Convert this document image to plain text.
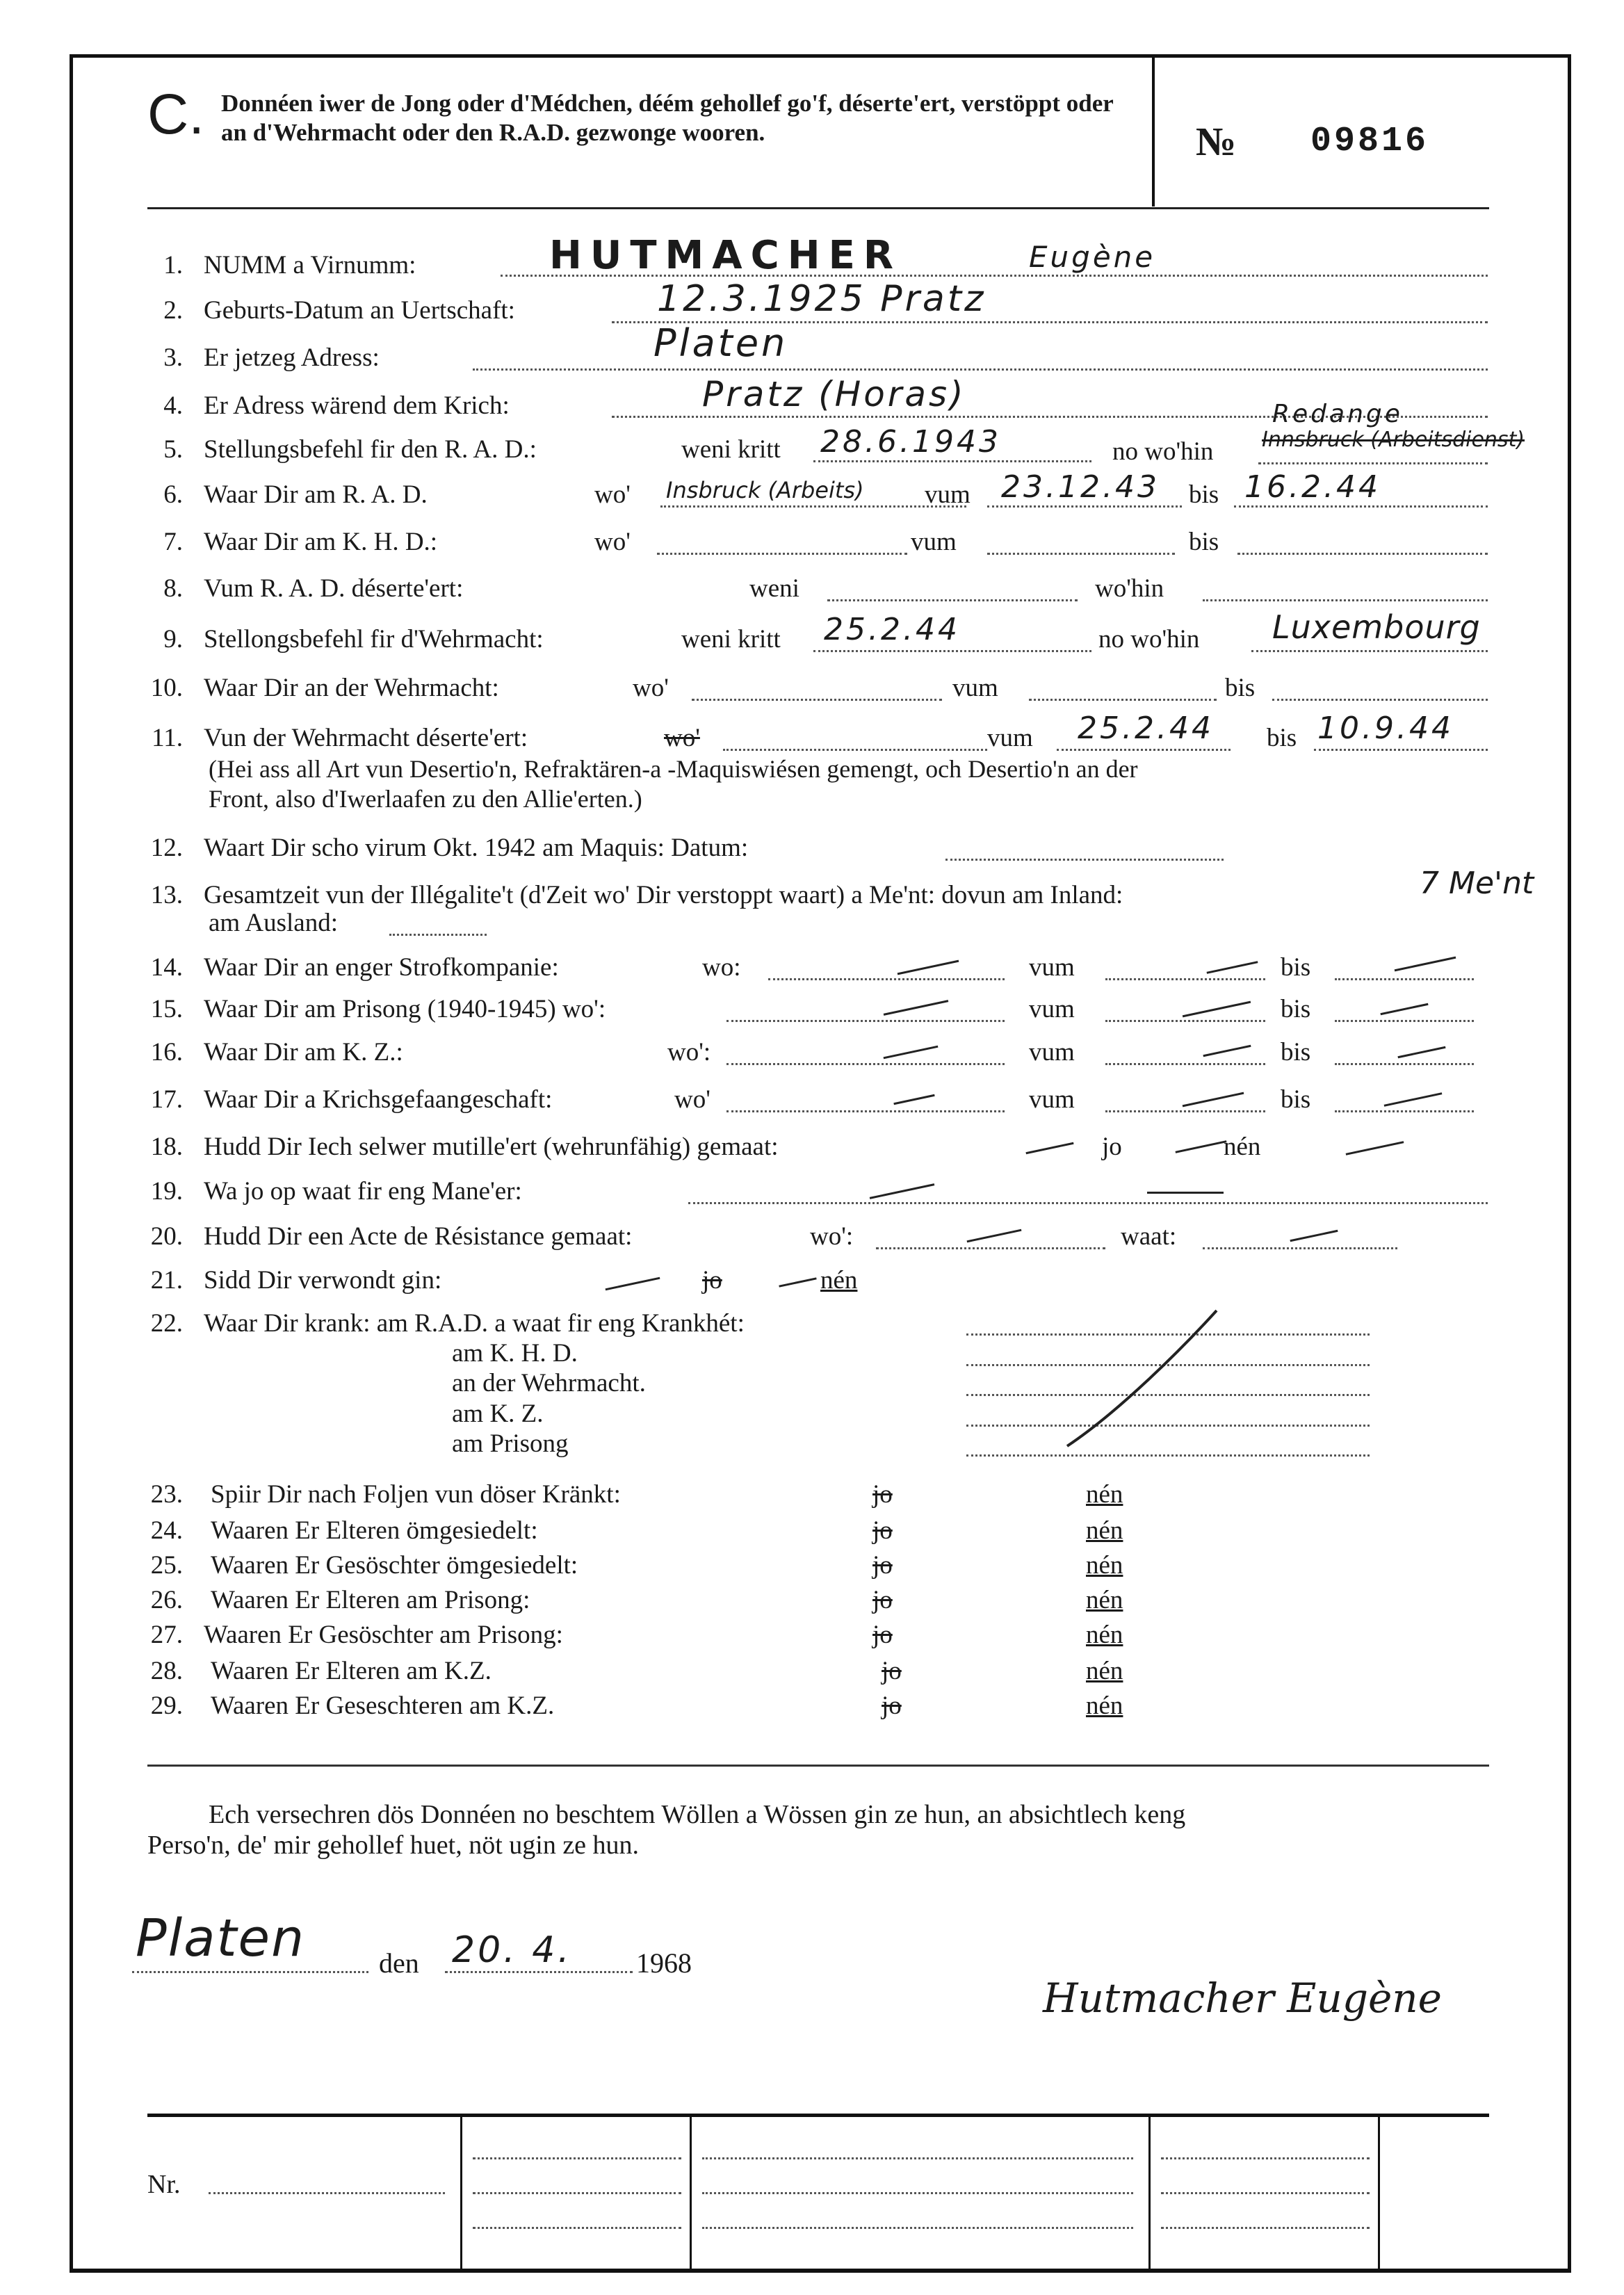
C. Donnéen iwer de Jong oder d'Médchen, déém gehollef go'f, déserte'ert, verstöppt oder an d'Wehrmacht oder den R.A.D. gezwonge wooren.	№ 09816
1. NUMM a Virnumm:	HUTMACHER	Eugène
2. Geburts-Datum an Uertschaft:	12.3.1925 Pratz
3. Er jetzeg Adress:	Platen
4. Er Adress wärend dem Krich:	Pratz (Horas)	Redange
5. Stellungsbefehl fir den R. A. D.:	weni kritt 28.6.1943	no wo'hin Innsbruck (Arbeitsdienst)
6. Waar Dir am R. A. D.	wo' Insbruck (Arbeits) vum 23.12.43 bis 16.2.44
7. Waar Dir am K. H. D.:	wo'	vum	bis
8. Vum R. A. D. déserte'ert:	weni	wo'hin
9. Stellongsbefehl fir d'Wehrmacht:	weni kritt 25.2.44	no wo'hin Luxembourg
10. Waar Dir an der Wehrmacht:	wo'	vum	bis
11. Vun der Wehrmacht déserte'ert:	wo'	vum 25.2.44 bis 10.9.44
(Hei ass all Art vun Desertio'n, Refraktären-a -Maquiswiésen gemengt, och Desertio'n an der
Front, also d'Iwerlaafen zu den Allie'erten.)
12. Waart Dir scho virum Okt. 1942 am Maquis: Datum:
13. Gesamtzeit vun der Illégalite't (d'Zeit wo' Dir verstoppt waart) a Me'nt: dovun am Inland:	7 Me'nt
am Ausland:
14. Waar Dir an enger Strofkompanie:	wo:	vum	bis
15. Waar Dir am Prisong (1940-1945) wo':	vum	bis
16. Waar Dir am K. Z.:	wo':	vum	bis
17. Waar Dir a Krichsgefaangeschaft:	wo'	vum	bis
18. Hudd Dir Iech selwer mutille'ert (wehrunfähig) gemaat:	jo	nén
19. Wa jo op waat fir eng Mane'er:
20. Hudd Dir een Acte de Résistance gemaat:	wo':	waat:
21. Sidd Dir verwondt gin:	jo	nén
22. Waar Dir krank: am R.A.D. a waat fir eng Krankhét:
am K. H. D.
an der Wehrmacht.
am K. Z.
am Prisong
23. Spiir Dir nach Foljen vun döser Kränkt:	jo	nén
24. Waaren Er Elteren ömgesiedelt:	jo	nén
25. Waaren Er Gesöschter ömgesiedelt:	jo	nén
26. Waaren Er Elteren am Prisong:	jo	nén
27. Waaren Er Gesöschter am Prisong:	jo	nén
28. Waaren Er Elteren am K.Z.	jo	nén
29. Waaren Er Geseschteren am K.Z.	jo	nén
Ech versechren dös Donnéen no beschtem Wöllen a Wössen gin ze hun, an absichtlech keng
Perso'n, de' mir gehollef huet, nöt ugin ze hun.
Platen	den 20. 4. 1968
Hutmacher Eugène
Nr.
